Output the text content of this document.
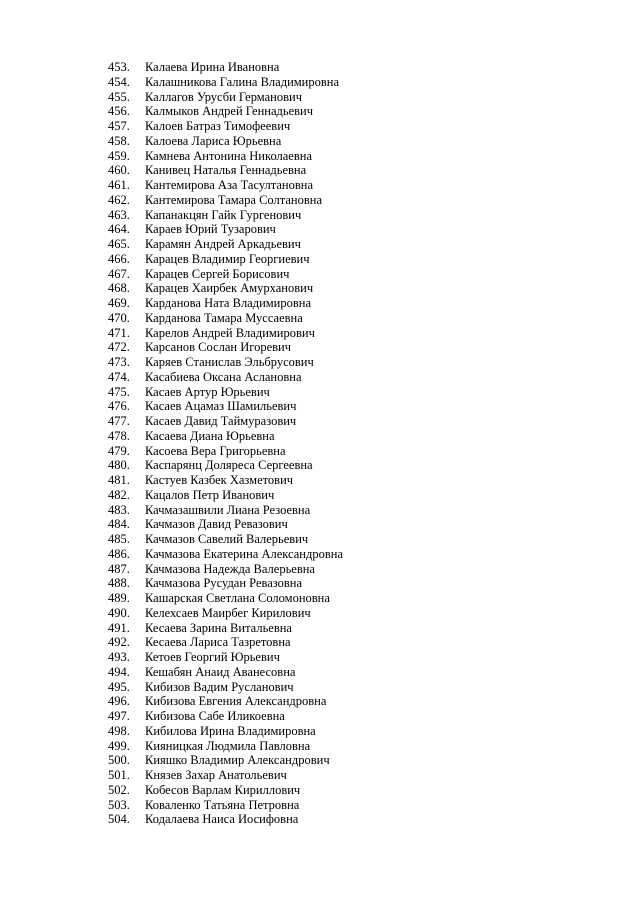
453.	Калаева Ирина Ивановна
454.	Калашникова Галина Владимировна
455.	Каллагов Урусби Германович
456.	Калмыков Андрей Геннадьевич
457.	Калоев Батраз Тимофеевич
458.	Калоева Лариса Юрьевна
459.	Камнева Антонина Николаевна
460.	Канивец Наталья Геннадьевна
461.	Кантемирова Аза Тасултановна
462.	Кантемирова Тамара Солтановна
463.	Капанакцян Гайк Гургенович
464.	Караев Юрий Тузарович
465.	Карамян Андрей Аркадьевич
466.	Карацев Владимир Георгиевич
467.	Карацев Сергей Борисович
468.	Карацев Хаирбек Амурханович
469.	Карданова Ната Владимировна
470.	Карданова Тамара Муссаевна
471.	Карелов Андрей Владимирович
472.	Карсанов Сослан Игоревич
473.	Каряев Станислав Эльбрусович
474.	Касабиева Оксана Аслановна
475.	Касаев Артур Юрьевич
476.	Касаев Ацамаз Шамильевич
477.	Касаев Давид Таймуразович
478.	Касаева Диана Юрьевна
479.	Касоева Вера Григорьевна
480.	Каспарянц Доляреса Сергеевна
481.	Кастуев Казбек Хазметович
482.	Кацалов Петр Иванович
483.	Качмазашвили Лиана Резоевна
484.	Качмазов Давид Ревазович
485.	Качмазов Савелий Валерьевич
486.	Качмазова Екатерина Александровна
487.	Качмазова Надежда Валерьевна
488.	Качмазова Русудан Ревазовна
489.	Кашарская Светлана Соломоновна
490.	Келехсаев Маирбег Кирилович
491.	Кесаева Зарина Витальевна
492.	Кесаева Лариса Тазретовна
493.	Кетоев Георгий Юрьевич
494.	Кешабян Анаид Аванесовна
495.	Кибизов Вадим Русланович
496.	Кибизова Евгения Александровна
497.	Кибизова Сабе Иликоевна
498.	Кибилова Ирина Владимировна
499.	Кияницкая Людмила Павловна
500.	Кияшко Владимир Александрович
501.	Князев Захар Анатольевич
502.	Кобесов Варлам Кириллович
503.	Коваленко Татьяна Петровна
504.	Кодалаева Наиса Иосифовна
